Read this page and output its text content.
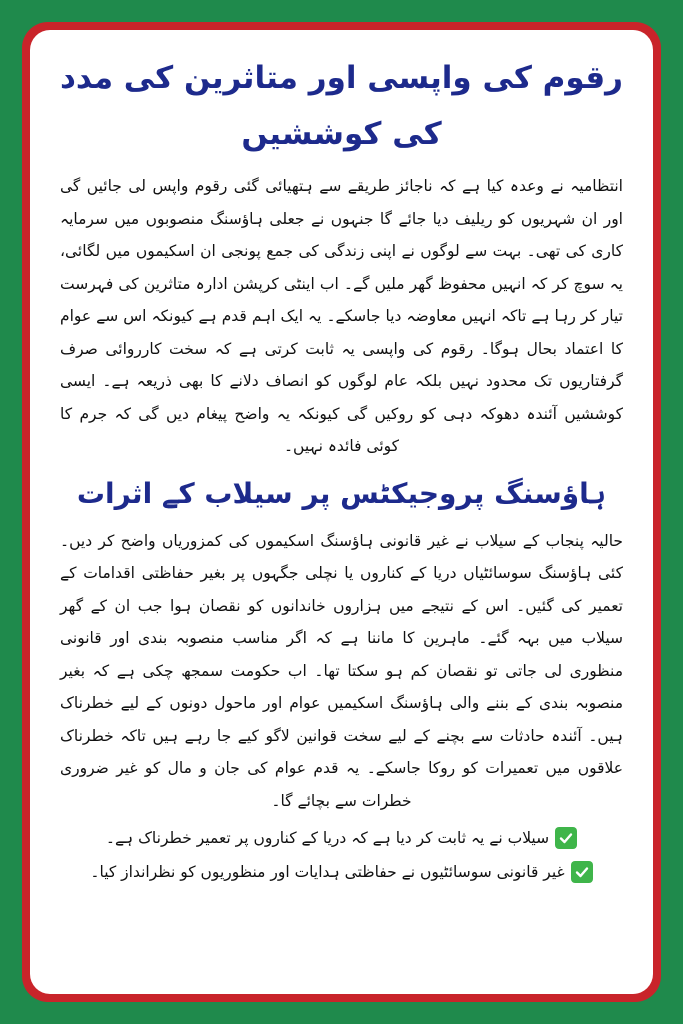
رقوم کی واپسی اور متاثرین کی مدد کی کوششیں

انتظامیہ نے وعدہ کیا ہے کہ ناجائز طریقے سے ہتھیائی گئی رقوم واپس لی جائیں گی اور ان شہریوں کو ریلیف دیا جائے گا جنہوں نے جعلی ہاؤسنگ منصوبوں میں سرمایہ کاری کی تھی۔ بہت سے لوگوں نے اپنی زندگی کی جمع پونجی ان اسکیموں میں لگائی، یہ سوچ کر کہ انہیں محفوظ گھر ملیں گے۔ اب اینٹی کرپشن ادارہ متاثرین کی فہرست تیار کر رہا ہے تاکہ انہیں معاوضہ دیا جاسکے۔ یہ ایک اہم قدم ہے کیونکہ اس سے عوام کا اعتماد بحال ہوگا۔ رقوم کی واپسی یہ ثابت کرتی ہے کہ سخت کارروائی صرف گرفتاریوں تک محدود نہیں بلکہ عام لوگوں کو انصاف دلانے کا بھی ذریعہ ہے۔ ایسی کوششیں آئندہ دھوکہ دہی کو روکیں گی کیونکہ یہ واضح پیغام دیں گی کہ جرم کا کوئی فائدہ نہیں۔

ہاؤسنگ پروجیکٹس پر سیلاب کے اثرات

حالیہ پنجاب کے سیلاب نے غیر قانونی ہاؤسنگ اسکیموں کی کمزوریاں واضح کر دیں۔ کئی ہاؤسنگ سوسائٹیاں دریا کے کناروں یا نچلی جگہوں پر بغیر حفاظتی اقدامات کے تعمیر کی گئیں۔ اس کے نتیجے میں ہزاروں خاندانوں کو نقصان ہوا جب ان کے گھر سیلاب میں بہہ گئے۔ ماہرین کا ماننا ہے کہ اگر مناسب منصوبہ بندی اور قانونی منظوری لی جاتی تو نقصان کم ہو سکتا تھا۔ اب حکومت سمجھ چکی ہے کہ بغیر منصوبہ بندی کے بننے والی ہاؤسنگ اسکیمیں عوام اور ماحول دونوں کے لیے خطرناک ہیں۔ آئندہ حادثات سے بچنے کے لیے سخت قوانین لاگو کیے جا رہے ہیں تاکہ خطرناک علاقوں میں تعمیرات کو روکا جاسکے۔ یہ قدم عوام کی جان و مال کو غیر ضروری خطرات سے بچائے گا۔

سیلاب نے یہ ثابت کر دیا ہے کہ دریا کے کناروں پر تعمیر خطرناک ہے۔
غیر قانونی سوسائٹیوں نے حفاظتی ہدایات اور منظوریوں کو نظرانداز کیا۔
